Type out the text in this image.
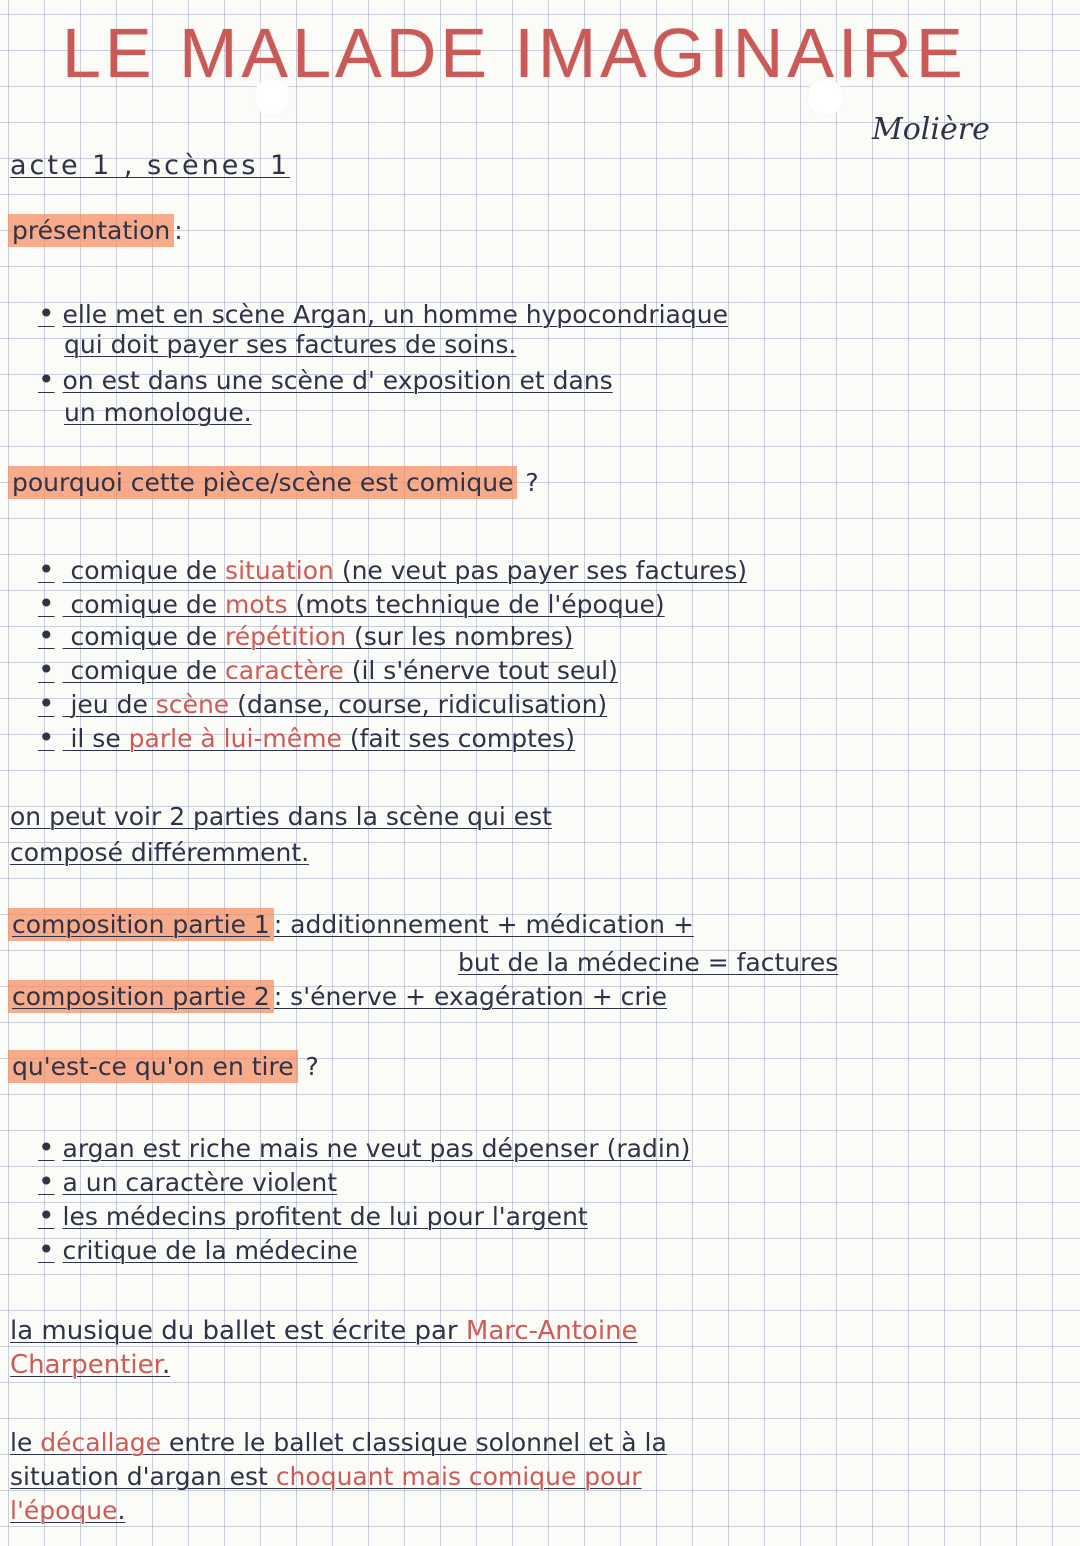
LE MALADE IMAGINAIRE
Molière
acte 1 , scènes 1
présentation :
• elle met en scène Argan, un homme hypocondriaque
qui doit payer ses factures de soins.
• on est dans une scène d' exposition et dans
un monologue.
pourquoi cette pièce/scène est comique ?
• comique de situation (ne veut pas payer ses factures)
• comique de mots (mots technique de l'époque)
• comique de répétition (sur les nombres)
• comique de caractère (il s'énerve tout seul)
• jeu de scène (danse, course, ridiculisation)
• il se parle à lui-même (fait ses comptes)
on peut voir 2 parties dans la scène qui est
composé différemment.
composition partie 1 : additionnement + médication +
but de la médecine = factures
composition partie 2 : s'énerve + exagération + crie
qu'est-ce qu'on en tire ?
• argan est riche mais ne veut pas dépenser (radin)
• a un caractère violent
• les médecins profitent de lui pour l'argent
• critique de la médecine
la musique du ballet est écrite par Marc-Antoine
Charpentier.
le décallage entre le ballet classique solonnel et à la
situation d'argan est choquant mais comique pour
l'époque.
